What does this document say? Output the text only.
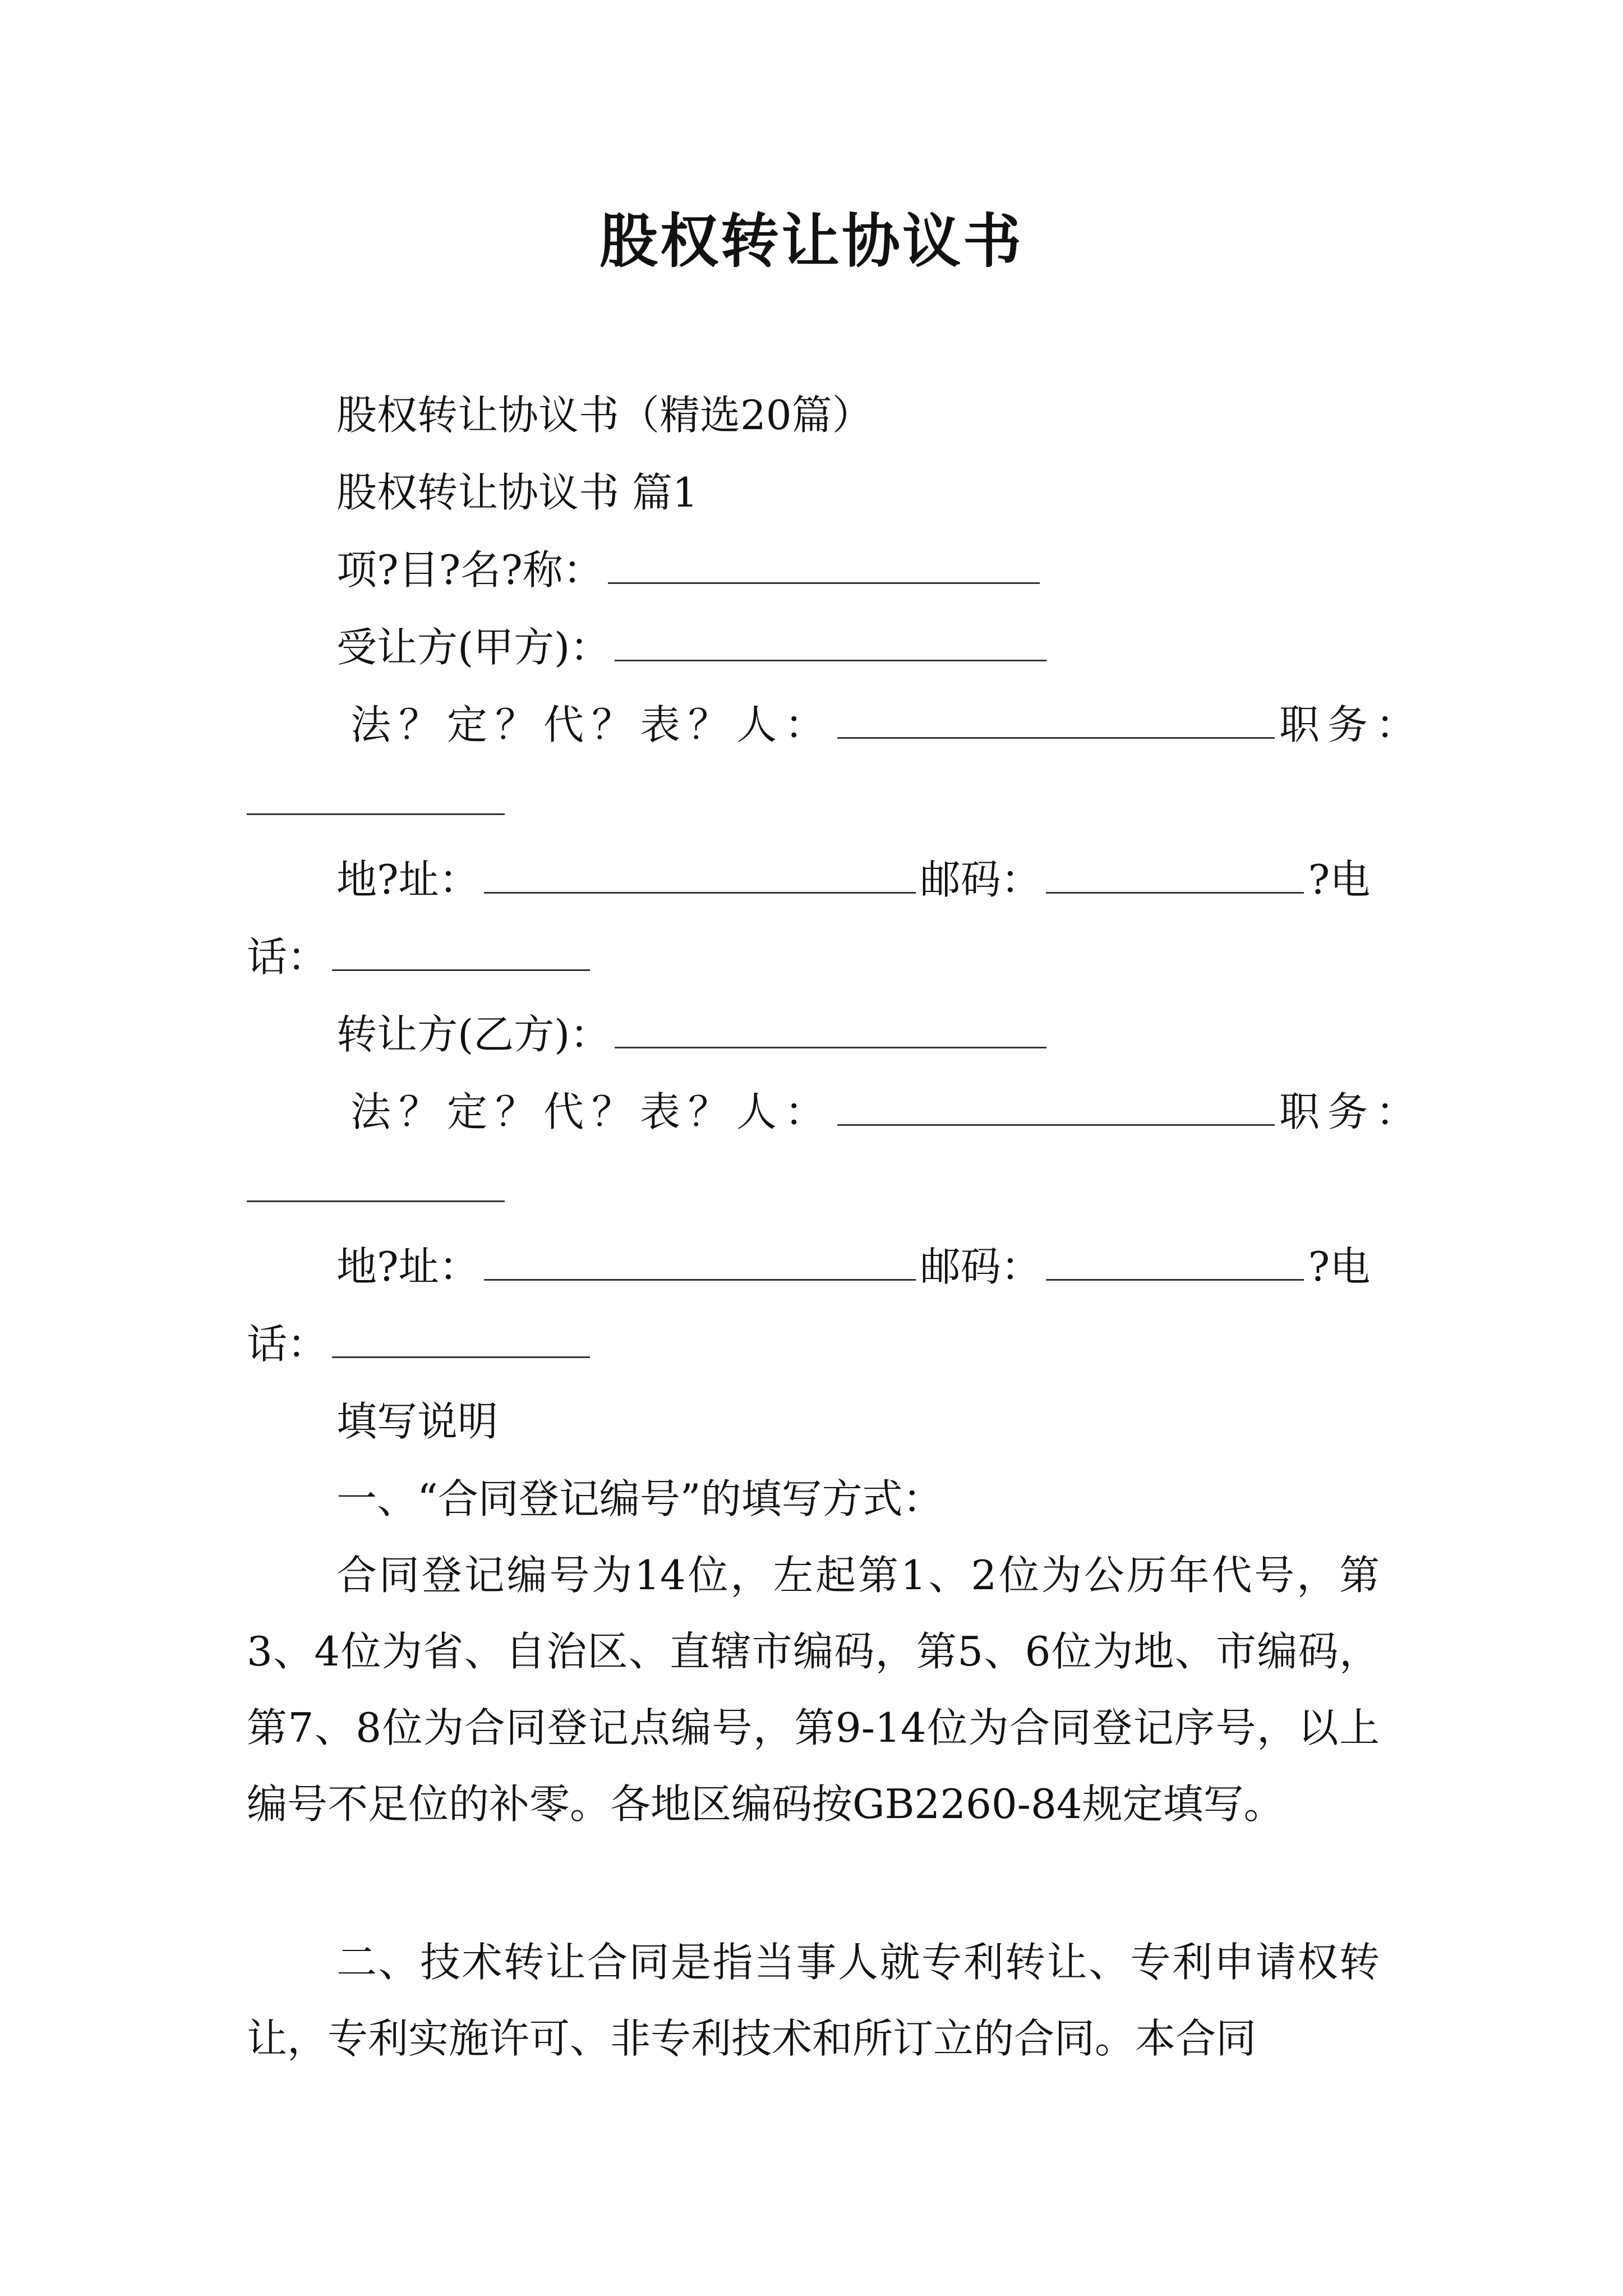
股权转让协议书
股权转让协议书（精选20篇）
股权转让协议书 篇1
项?目?名?称：
受让方(甲方)：
法？定？代？表？人：	职务：
地?址：	邮码：	?电
话：
转让方(乙方)：
法？定？代？表？人：	职务：
地?址：	邮码：	?电
话：
填写说明
一、“合同登记编号”的填写方式：
合同登记编号为14位，左起第1、2位为公历年代号，第3、4位为省、自治区、直辖市编码，第5、6位为地、市编码，第7、8位为合同登记点编号，第9-14位为合同登记序号，以上编号不足位的补零。各地区编码按GB2260-84规定填写。
二、技术转让合同是指当事人就专利转让、专利申请权转让，专利实施许可、非专利技术和所订立的合同。本合同
